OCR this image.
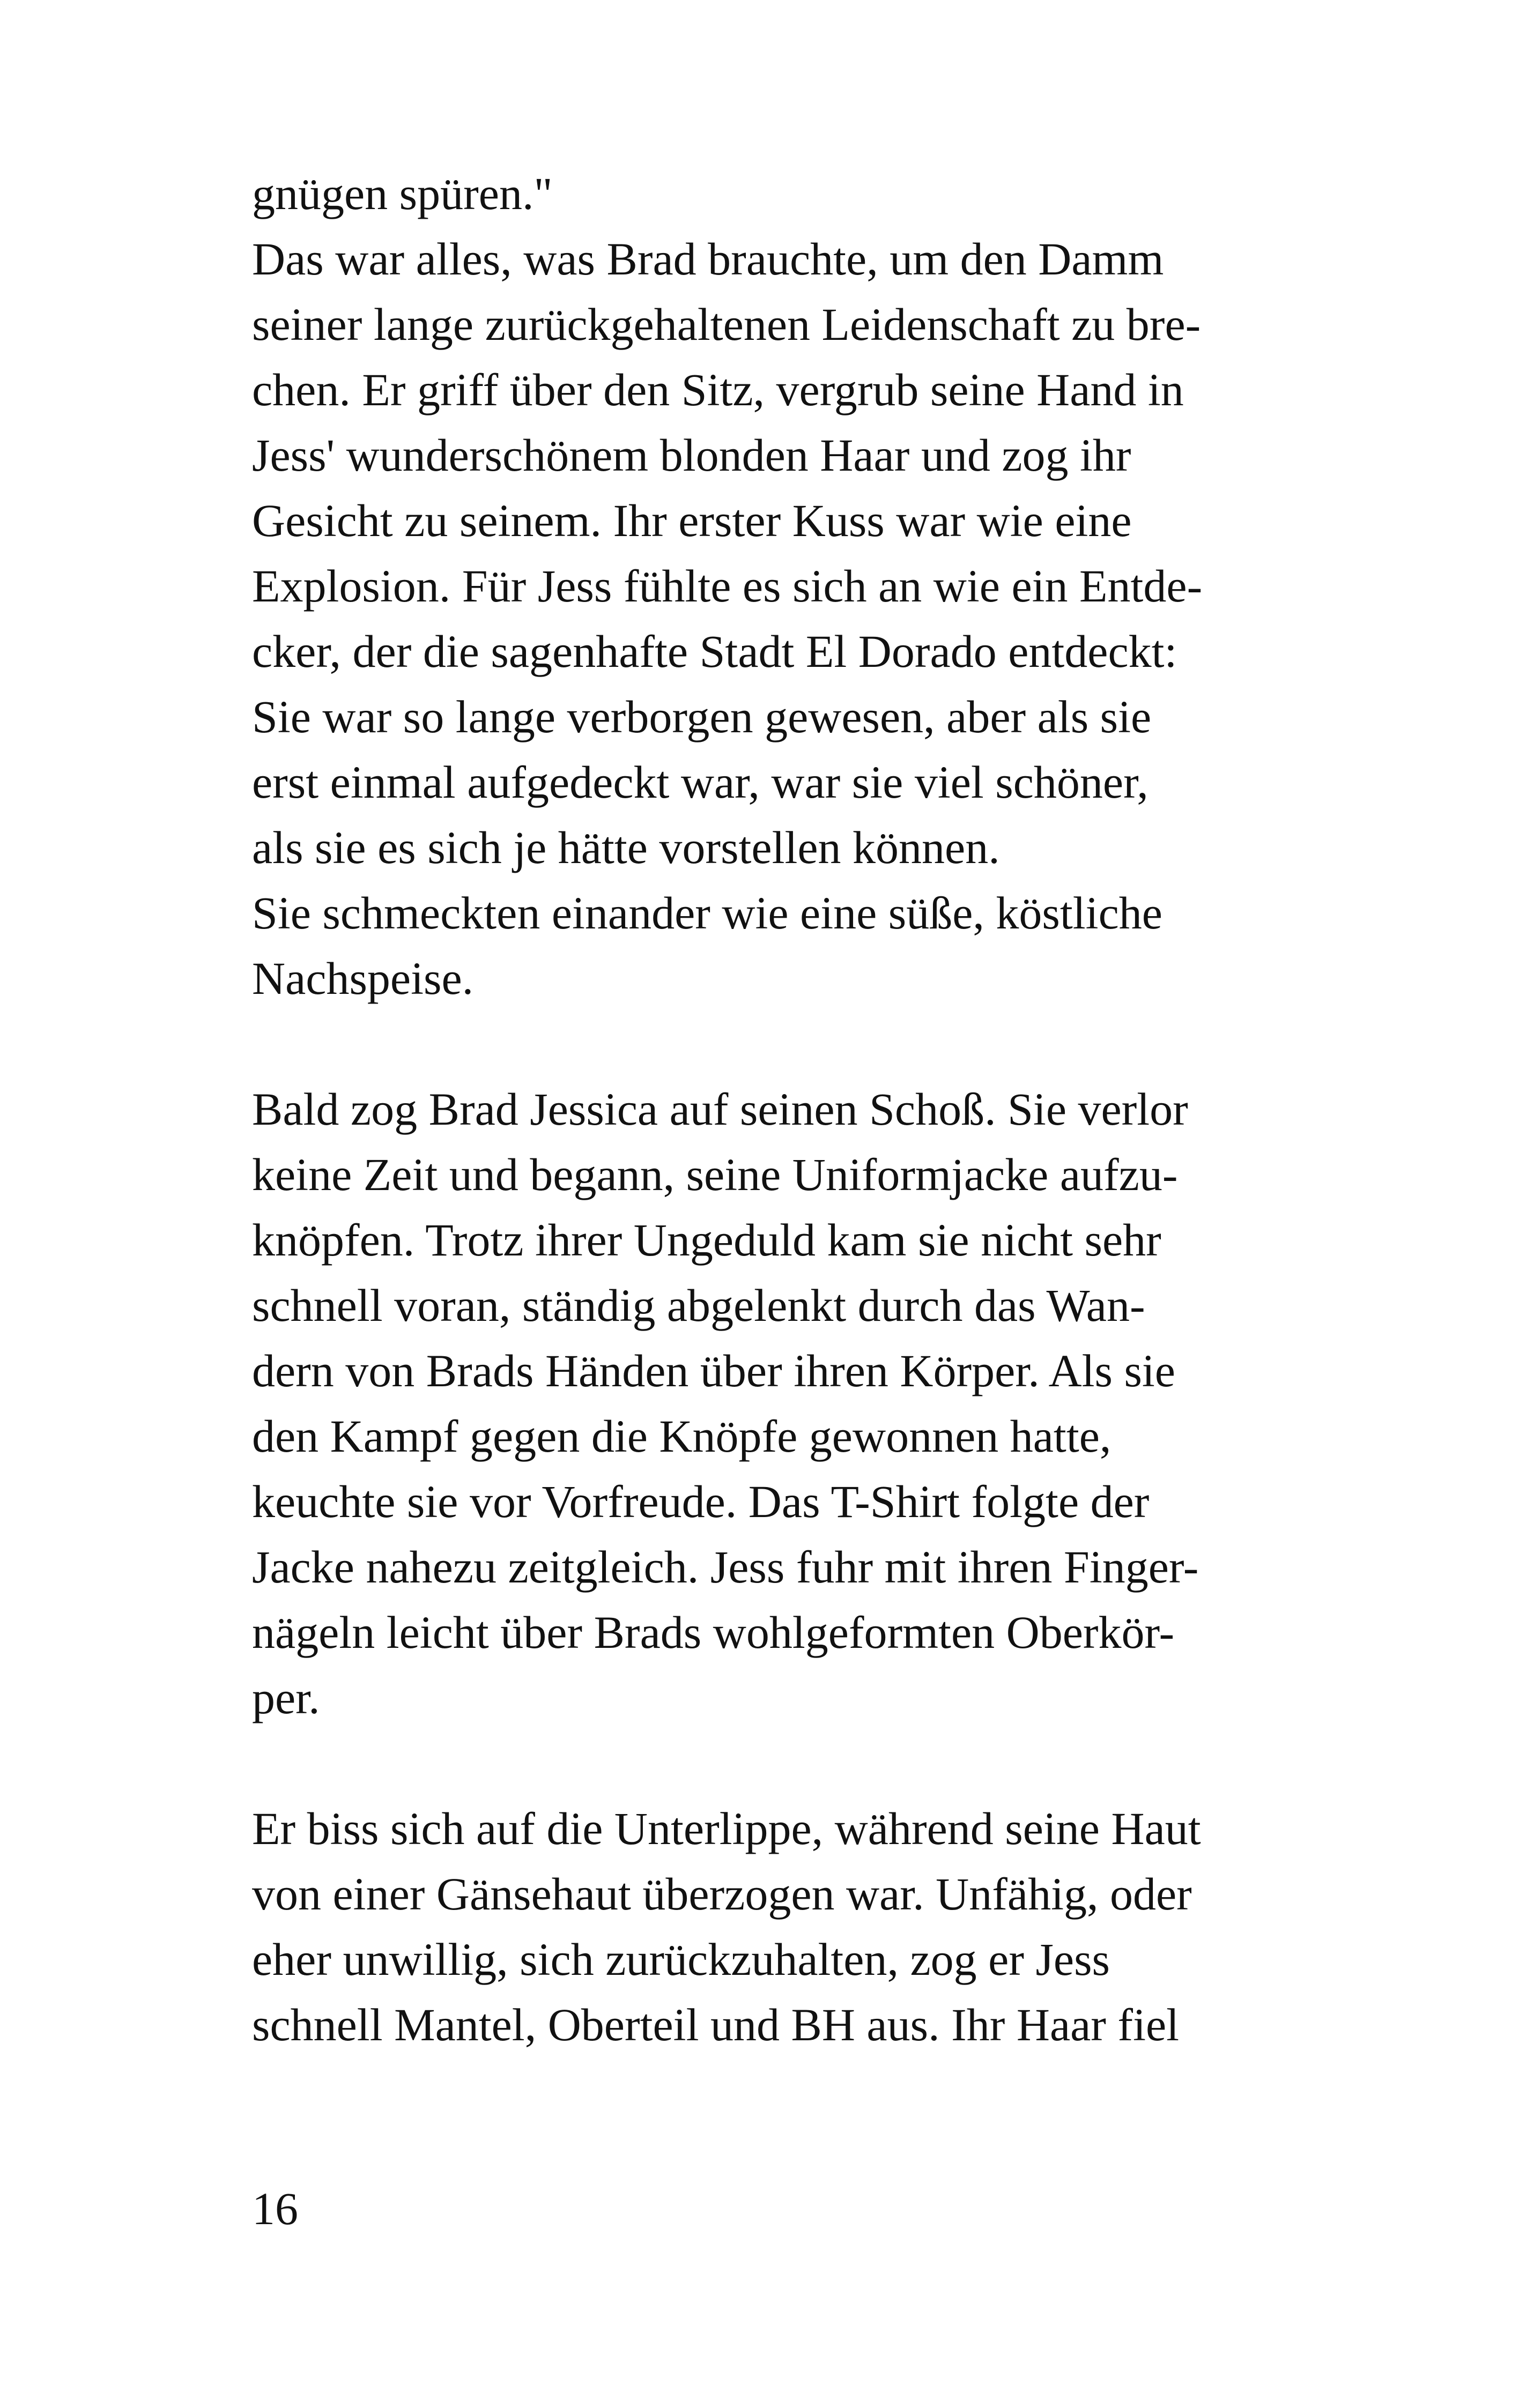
gnügen spüren."
Das war alles, was Brad brauchte, um den Damm
seiner lange zurückgehaltenen Leidenschaft zu bre-
chen. Er griff über den Sitz, vergrub seine Hand in
Jess' wunderschönem blonden Haar und zog ihr
Gesicht zu seinem. Ihr erster Kuss war wie eine
Explosion. Für Jess fühlte es sich an wie ein Entde-
cker, der die sagenhafte Stadt El Dorado entdeckt:
Sie war so lange verborgen gewesen, aber als sie
erst einmal aufgedeckt war, war sie viel schöner,
als sie es sich je hätte vorstellen können.
Sie schmeckten einander wie eine süße, köstliche
Nachspeise.
Bald zog Brad Jessica auf seinen Schoß. Sie verlor
keine Zeit und begann, seine Uniformjacke aufzu-
knöpfen. Trotz ihrer Ungeduld kam sie nicht sehr
schnell voran, ständig abgelenkt durch das Wan-
dern von Brads Händen über ihren Körper. Als sie
den Kampf gegen die Knöpfe gewonnen hatte,
keuchte sie vor Vorfreude. Das T-Shirt folgte der
Jacke nahezu zeitgleich. Jess fuhr mit ihren Finger-
nägeln leicht über Brads wohlgeformten Oberkör-
per.
Er biss sich auf die Unterlippe, während seine Haut
von einer Gänsehaut überzogen war. Unfähig, oder
eher unwillig, sich zurückzuhalten, zog er Jess
schnell Mantel, Oberteil und BH aus. Ihr Haar fiel
16
